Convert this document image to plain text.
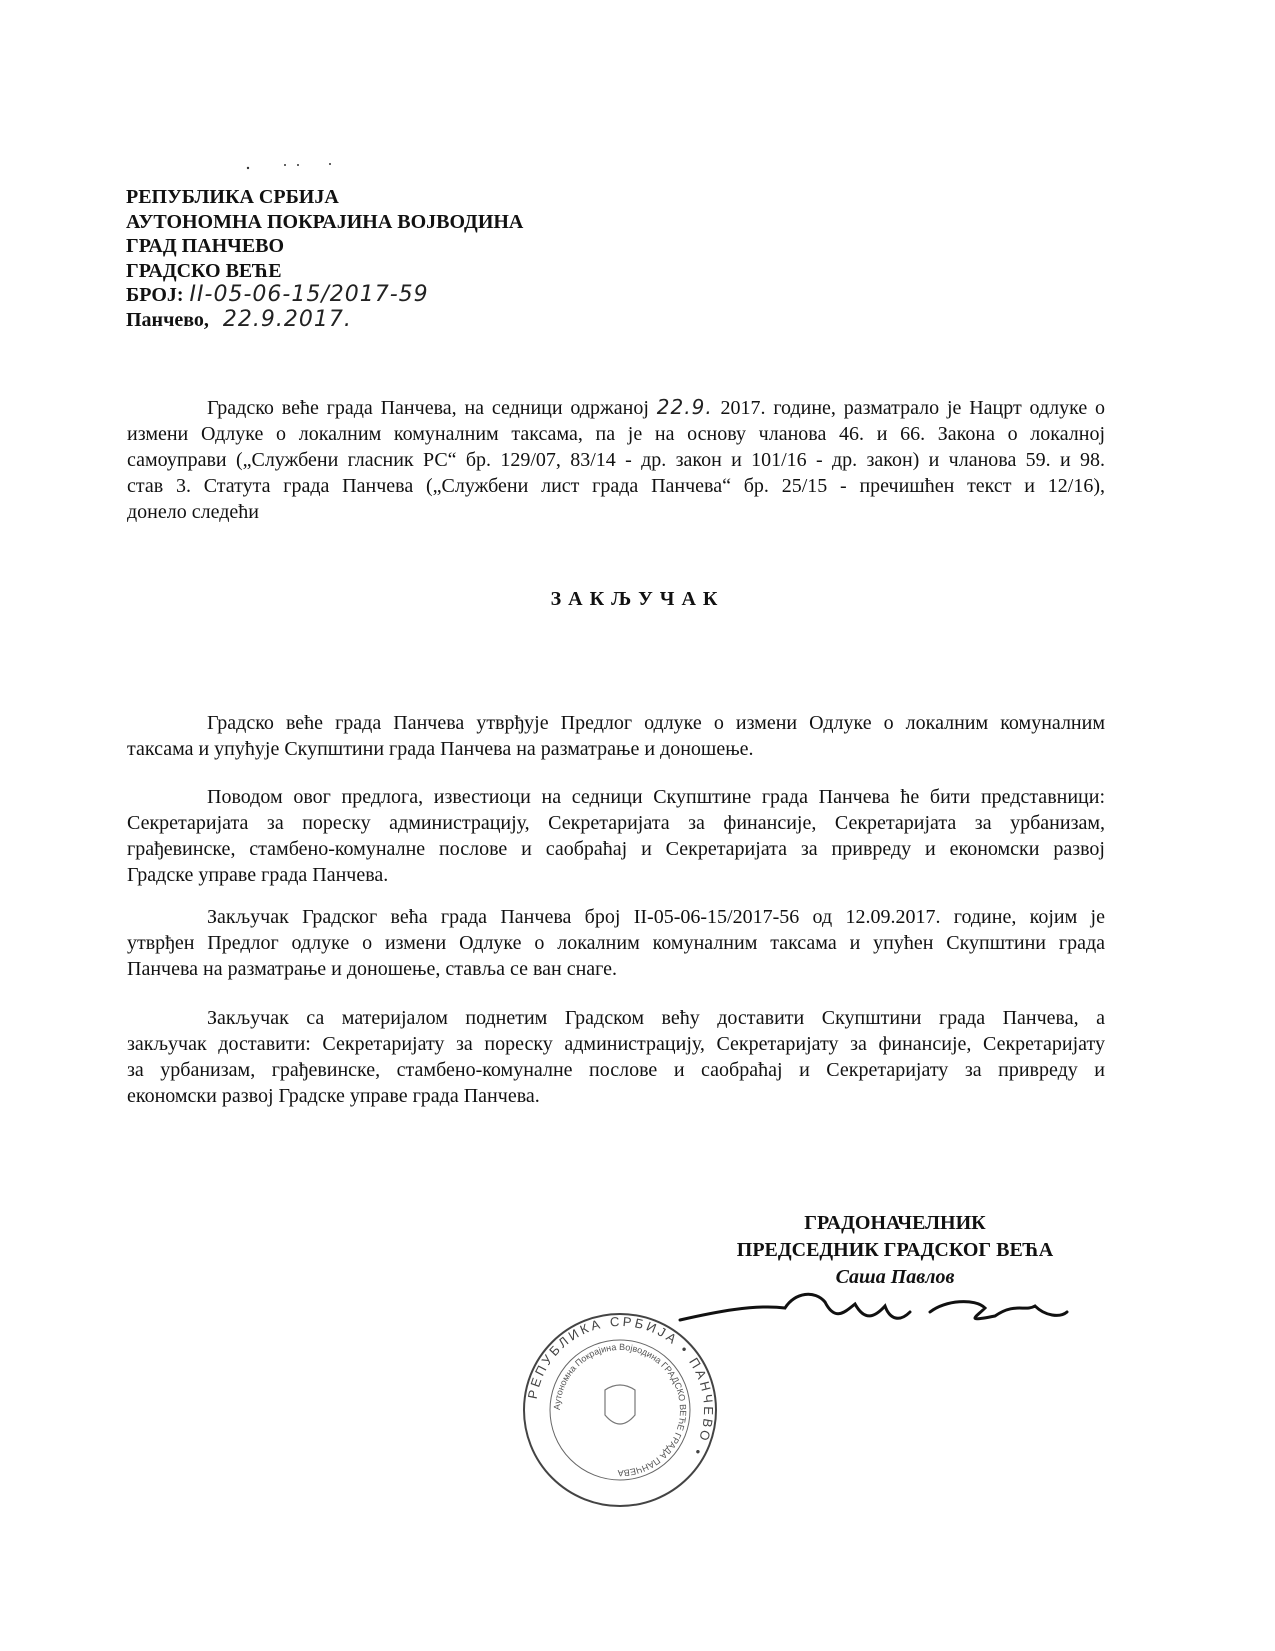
РЕПУБЛИКА СРБИЈА
АУТОНОМНА ПОКРАЈИНА ВОЈВОДИНА
ГРАД ПАНЧЕВО
ГРАДСКО ВЕЋЕ
БРОЈ: II-05-06-15/2017-59
Панчево, 22.9.2017.
Градско веће града Панчева, на седници одржаној 22.9. 2017. године, разматрало је Нацрт одлуке о
измени Одлуке о локалним комуналним таксама, па је на основу чланова 46. и 66. Закона о локалној
самоуправи („Службени гласник РС“ бр. 129/07, 83/14 - др. закон и 101/16 - др. закон) и чланова 59. и 98.
став 3. Статута града Панчева („Службени лист града Панчева“ бр. 25/15 - пречишћен текст и 12/16),
донело следећи
ЗАКЉУЧАК
Градско веће града Панчева утврђује Предлог одлуке о измени Одлуке о локалним комуналним
таксама и упућује Скупштини града Панчева на разматрање и доношење.
Поводом овог предлога, известиоци на седници Скупштине града Панчева ће бити представници:
Секретаријата за пореску администрацију, Секретаријата за финансије, Секретаријата за урбанизам,
грађевинске, стамбено-комуналне послове и саобраћај и Секретаријата за привреду и економски развој
Градске управе града Панчева.
Закључак Градског већа града Панчева број II-05-06-15/2017-56 од 12.09.2017. године, којим је
утврђен Предлог одлуке о измени Одлуке о локалним комуналним таксама и упућен Скупштини града
Панчева на разматрање и доношење, ставља се ван снаге.
Закључак са материјалом поднетим Градском већу доставити Скупштини града Панчева, а
закључак доставити: Секретаријату за пореску администрацију, Секретаријату за финансије, Секретаријату
за урбанизам, грађевинске, стамбено-комуналне послове и саобраћај и Секретаријату за привреду и
економски развој Градске управе града Панчева.
РЕПУБЛИКА СРБИЈА • ПАНЧЕВО •
Аутономна Покрајина Војводина ГРАДСКО ВЕЋЕ ГРАДА ПАНЧЕВА
ГРАДОНАЧЕЛНИК
ПРЕДСЕДНИК ГРАДСКОГ ВЕЋА
Саша Павлов
